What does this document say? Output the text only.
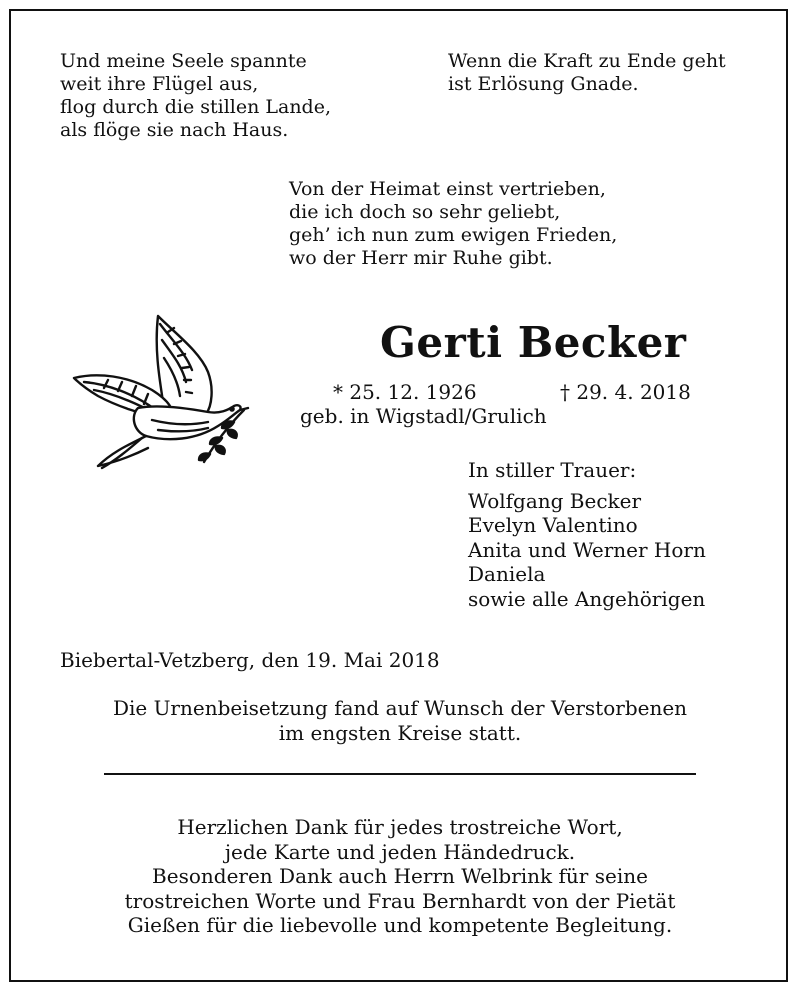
Und meine Seele spannte
weit ihre Flügel aus,
flog durch die stillen Lande,
als flöge sie nach Haus.
Wenn die Kraft zu Ende geht
ist Erlösung Gnade.
Von der Heimat einst vertrieben,
die ich doch so sehr geliebt,
geh’ ich nun zum ewigen Frieden,
wo der Herr mir Ruhe gibt.
Gerti Becker
* 25. 12. 1926	† 29. 4. 2018
geb. in Wigstadl/Grulich
In stiller Trauer:
Wolfgang Becker
Evelyn Valentino
Anita und Werner Horn
Daniela
sowie alle Angehörigen
Biebertal-Vetzberg, den 19. Mai 2018
Die Urnenbeisetzung fand auf Wunsch der Verstorbenen
im engsten Kreise statt.
Herzlichen Dank für jedes trostreiche Wort,
jede Karte und jeden Händedruck.
Besonderen Dank auch Herrn Welbrink für seine
trostreichen Worte und Frau Bernhardt von der Pietät
Gießen für die liebevolle und kompetente Begleitung.
